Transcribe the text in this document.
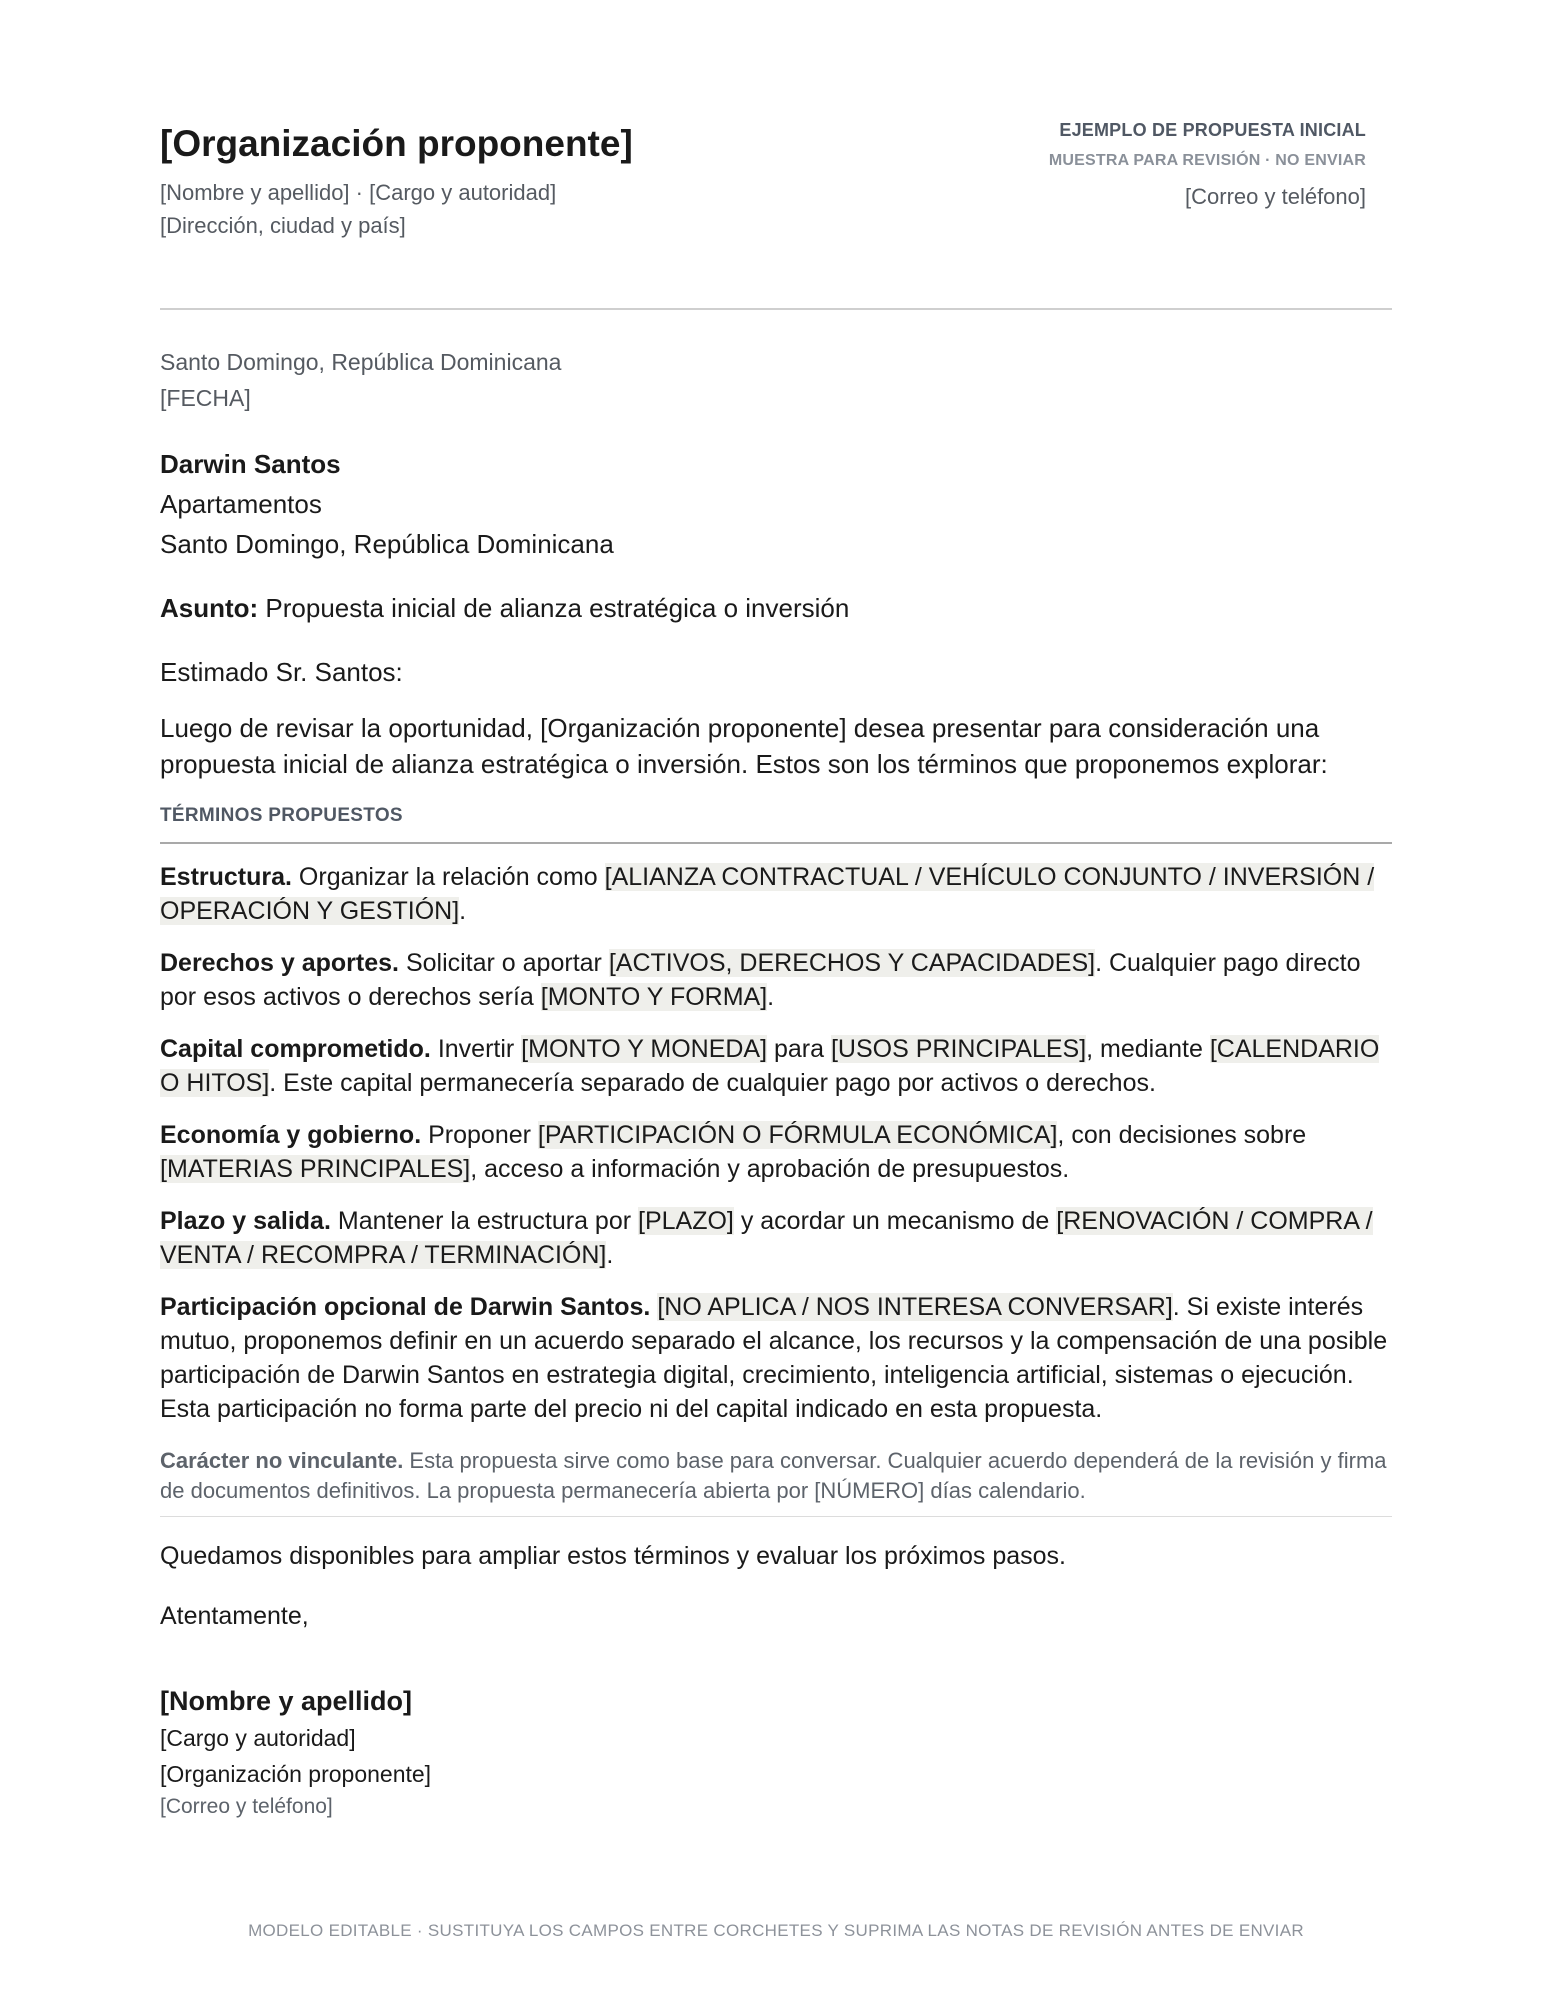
[Organización proponente]
[Nombre y apellido] · [Cargo y autoridad]
[Dirección, ciudad y país]
EJEMPLO DE PROPUESTA INICIAL
MUESTRA PARA REVISIÓN · NO ENVIAR
[Correo y teléfono]
Santo Domingo, República Dominicana
[FECHA]
Darwin Santos
Apartamentos
Santo Domingo, República Dominicana
Asunto: Propuesta inicial de alianza estratégica o inversión
Estimado Sr. Santos:
Luego de revisar la oportunidad, [Organización proponente] desea presentar para consideración una propuesta inicial de alianza estratégica o inversión. Estos son los términos que proponemos explorar:
TÉRMINOS PROPUESTOS

Estructura. Organizar la relación como [ALIANZA CONTRACTUAL / VEHÍCULO CONJUNTO / INVERSIÓN / OPERACIÓN Y GESTIÓN].

Derechos y aportes. Solicitar o aportar [ACTIVOS, DERECHOS Y CAPACIDADES]. Cualquier pago directo por esos activos o derechos sería [MONTO Y FORMA].

Capital comprometido. Invertir [MONTO Y MONEDA] para [USOS PRINCIPALES], mediante [CALENDARIO O HITOS]. Este capital permanecería separado de cualquier pago por activos o derechos.

Economía y gobierno. Proponer [PARTICIPACIÓN O FÓRMULA ECONÓMICA], con decisiones sobre [MATERIAS PRINCIPALES], acceso a información y aprobación de presupuestos.

Plazo y salida. Mantener la estructura por [PLAZO] y acordar un mecanismo de [RENOVACIÓN / COMPRA / VENTA / RECOMPRA / TERMINACIÓN].

Participación opcional de Darwin Santos. [NO APLICA / NOS INTERESA CONVERSAR]. Si existe interés mutuo, proponemos definir en un acuerdo separado el alcance, los recursos y la compensación de una posible participación de Darwin Santos en estrategia digital, crecimiento, inteligencia artificial, sistemas o ejecución. Esta participación no forma parte del precio ni del capital indicado en esta propuesta.

Carácter no vinculante. Esta propuesta sirve como base para conversar. Cualquier acuerdo dependerá de la revisión y firma de documentos definitivos. La propuesta permanecería abierta por [NÚMERO] días calendario.
Quedamos disponibles para ampliar estos términos y evaluar los próximos pasos.
Atentamente,
[Nombre y apellido]
[Cargo y autoridad]
[Organización proponente]
[Correo y teléfono]
MODELO EDITABLE · SUSTITUYA LOS CAMPOS ENTRE CORCHETES Y SUPRIMA LAS NOTAS DE REVISIÓN ANTES DE ENVIAR
